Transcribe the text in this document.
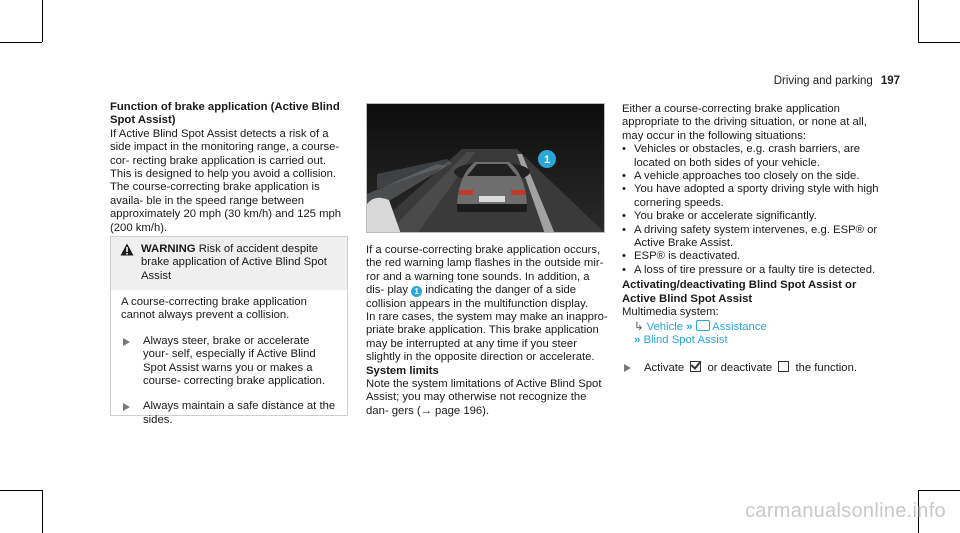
Driving and parking 197

Function of brake application (Active Blind Spot Assist)

If Active Blind Spot Assist detects a risk of a side impact in the monitoring range, a course-cor- recting brake application is carried out. This is designed to help you avoid a collision.

The course-correcting brake application is availa- ble in the speed range between approximately 20 mph (30 km/h) and 125 mph (200 km/h).

WARNING Risk of accident despite brake application of Active Blind Spot Assist

A course-correcting brake application cannot always prevent a collision.

Always steer, brake or accelerate your- self, especially if Active Blind Spot Assist warns you or makes a course- correcting brake application.
Always maintain a safe distance at the sides.
1

If a course-correcting brake application occurs, the red warning lamp flashes in the outside mir- ror and a warning tone sounds. In addition, a dis- play 1 indicating the danger of a side collision appears in the multifunction display.

In rare cases, the system may make an inappro- priate brake application. This brake application may be interrupted at any time if you steer slightly in the opposite direction or accelerate.

System limits

Note the system limitations of Active Blind Spot Assist; you may otherwise not recognize the dan- gers (→ page 196).

Either a course-correcting brake application appropriate to the driving situation, or none at all, may occur in the following situations:

• Vehicles or obstacles, e.g. crash barriers, are located on both sides of your vehicle.
• A vehicle approaches too closely on the side.
• You have adopted a sporty driving style with high cornering speeds.
• You brake or accelerate significantly.
• A driving safety system intervenes, e.g. ESP® or Active Brake Assist.
• ESP® is deactivated.
• A loss of tire pressure or a faulty tire is detected.

Activating/deactivating Blind Spot Assist or Active Blind Spot Assist

Multimedia system:

↳ Vehicle » Assistance

» Blind Spot Assist

Activate or deactivate the function.
carmanualsonline.info
